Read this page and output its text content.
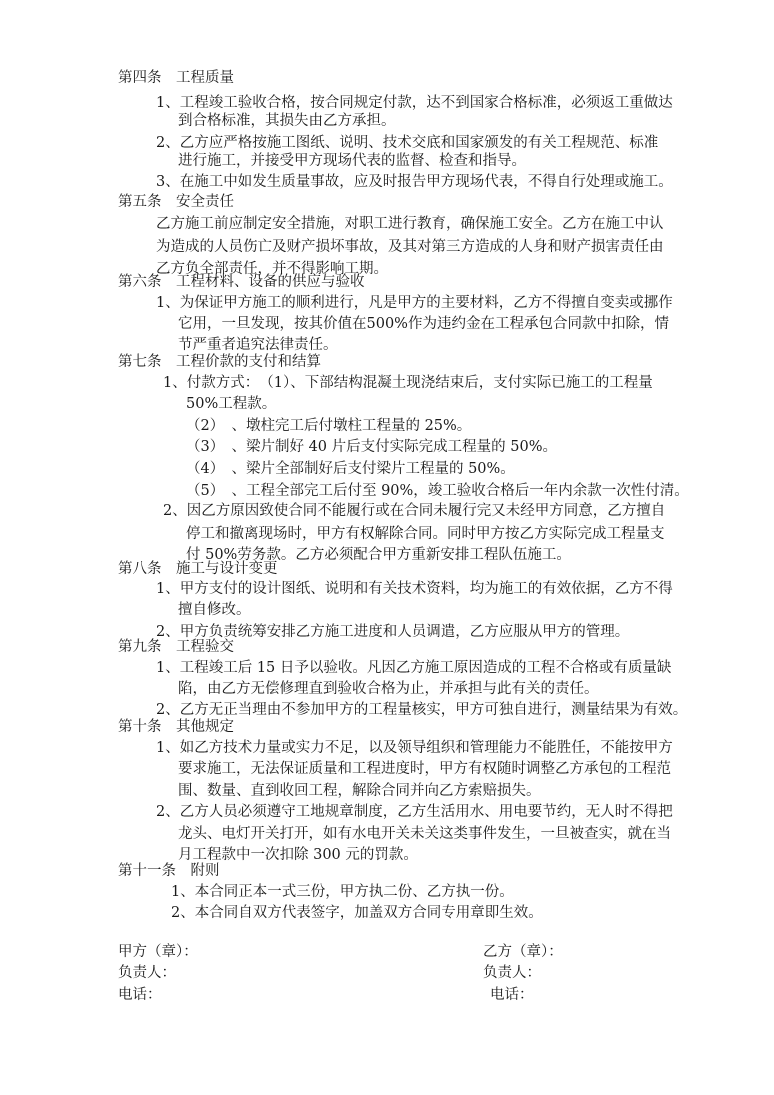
第四条　工程质量
1、工程竣工验收合格，按合同规定付款，达不到国家合格标准，必须返工重做达
到合格标准，其损失由乙方承担。
2、乙方应严格按施工图纸、说明、技术交底和国家颁发的有关工程规范、标准
进行施工，并接受甲方现场代表的监督、检查和指导。
3、在施工中如发生质量事故，应及时报告甲方现场代表，不得自行处理或施工。
第五条　安全责任
乙方施工前应制定安全措施，对职工进行教育，确保施工安全。乙方在施工中认
为造成的人员伤亡及财产损坏事故，及其对第三方造成的人身和财产损害责任由
乙方负全部责任，并不得影响工期。
第六条　工程材料、设备的供应与验收
1、为保证甲方施工的顺利进行，凡是甲方的主要材料，乙方不得擅自变卖或挪作
它用，一旦发现，按其价值在500%作为违约金在工程承包合同款中扣除，情
节严重者追究法律责任。
第七条　工程价款的支付和结算
1、付款方式：　（1）、下部结构混凝土现浇结束后，支付实际已施工的工程量
50%工程款。
（2）　、墩柱完工后付墩柱工程量的 25%。
（3）　、梁片制好 40 片后支付实际完成工程量的 50%。
（4）　、梁片全部制好后支付梁片工程量的 50%。
（5）　、工程全部完工后付至 90%，竣工验收合格后一年内余款一次性付清。
2、因乙方原因致使合同不能履行或在合同未履行完又未经甲方同意，乙方擅自
停工和撤离现场时，甲方有权解除合同。同时甲方按乙方实际完成工程量支
付 50%劳务款。乙方必须配合甲方重新安排工程队伍施工。
第八条　施工与设计变更
1、甲方支付的设计图纸、说明和有关技术资料，均为施工的有效依据，乙方不得
擅自修改。
2、甲方负责统筹安排乙方施工进度和人员调遣，乙方应服从甲方的管理。
第九条　工程验交
1、工程竣工后 15 日予以验收。凡因乙方施工原因造成的工程不合格或有质量缺
陷，由乙方无偿修理直到验收合格为止，并承担与此有关的责任。
2、乙方无正当理由不参加甲方的工程量核实，甲方可独自进行，测量结果为有效。
第十条　其他规定
1、如乙方技术力量或实力不足，以及领导组织和管理能力不能胜任，不能按甲方
要求施工，无法保证质量和工程进度时，甲方有权随时调整乙方承包的工程范
围、数量、直到收回工程，解除合同并向乙方索赔损失。
2、乙方人员必须遵守工地规章制度，乙方生活用水、用电要节约，无人时不得把
龙头、电灯开关打开，如有水电开关未关这类事件发生，一旦被查实，就在当
月工程款中一次扣除 300 元的罚款。
第十一条　附则
1、本合同正本一式三份，甲方执二份、乙方执一份。
2、本合同自双方代表签字，加盖双方合同专用章即生效。
甲方（章）：	乙方（章）：
负责人：	负责人：
电话：	电话：
